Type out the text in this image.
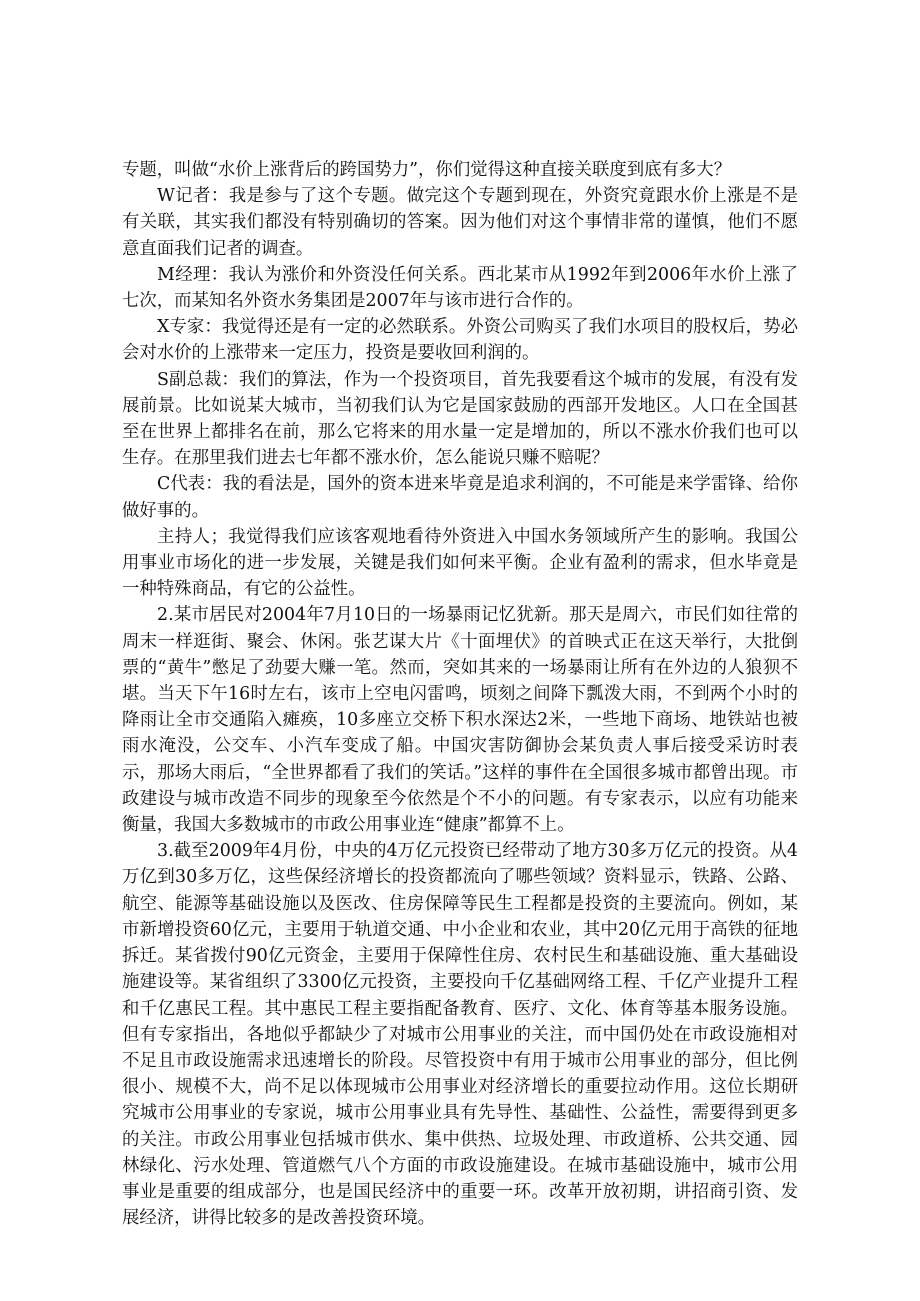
专题，叫做“水价上涨背后的跨国势力”，你们觉得这种直接关联度到底有多大？

W记者：我是参与了这个专题。做完这个专题到现在，外资究竟跟水价上涨是不是有关联，其实我们都没有特别确切的答案。因为他们对这个事情非常的谨慎，他们不愿意直面我们记者的调查。

M经理：我认为涨价和外资没任何关系。西北某市从1992年到2006年水价上涨了七次，而某知名外资水务集团是2007年与该市进行合作的。

X专家：我觉得还是有一定的必然联系。外资公司购买了我们水项目的股权后，势必会对水价的上涨带来一定压力，投资是要收回利润的。

S副总裁：我们的算法，作为一个投资项目，首先我要看这个城市的发展，有没有发展前景。比如说某大城市，当初我们认为它是国家鼓励的西部开发地区。人口在全国甚至在世界上都排名在前，那么它将来的用水量一定是增加的，所以不涨水价我们也可以生存。在那里我们进去七年都不涨水价，怎么能说只赚不赔呢？

C代表：我的看法是，国外的资本进来毕竟是追求利润的，不可能是来学雷锋、给你做好事的。

主持人；我觉得我们应该客观地看待外资进入中国水务领域所产生的影响。我国公用事业市场化的进一步发展，关键是我们如何来平衡。企业有盈利的需求，但水毕竟是一种特殊商品，有它的公益性。

2.某市居民对2004年7月10日的一场暴雨记忆犹新。那天是周六，市民们如往常的周末一样逛街、聚会、休闲。张艺谋大片《十面埋伏》的首映式正在这天举行，大批倒票的“黄牛”憋足了劲要大赚一笔。然而，突如其来的一场暴雨让所有在外边的人狼狈不堪。当天下午16时左右，该市上空电闪雷鸣，顷刻之间降下瓢泼大雨，不到两个小时的降雨让全市交通陷入瘫痪，10多座立交桥下积水深达2米，一些地下商场、地铁站也被雨水淹没，公交车、小汽车变成了船。中国灾害防御协会某负责人事后接受采访时表示，那场大雨后，“全世界都看了我们的笑话。”这样的事件在全国很多城市都曾出现。市政建设与城市改造不同步的现象至今依然是个不小的问题。有专家表示，以应有功能来衡量，我国大多数城市的市政公用事业连“健康”都算不上。

3.截至2009年4月份，中央的4万亿元投资已经带动了地方30多万亿元的投资。从4万亿到30多万亿，这些保经济增长的投资都流向了哪些领域？资料显示，铁路、公路、航空、能源等基础设施以及医改、住房保障等民生工程都是投资的主要流向。例如，某市新增投资60亿元，主要用于轨道交通、中小企业和农业，其中20亿元用于高铁的征地拆迁。某省拨付90亿元资金，主要用于保障性住房、农村民生和基础设施、重大基础设施建设等。某省组织了3300亿元投资，主要投向千亿基础网络工程、千亿产业提升工程和千亿惠民工程。其中惠民工程主要指配备教育、医疗、文化、体育等基本服务设施。但有专家指出，各地似乎都缺少了对城市公用事业的关注，而中国仍处在市政设施相对不足且市政设施需求迅速增长的阶段。尽管投资中有用于城市公用事业的部分，但比例很小、规模不大，尚不足以体现城市公用事业对经济增长的重要拉动作用。这位长期研究城市公用事业的专家说，城市公用事业具有先导性、基础性、公益性，需要得到更多的关注。市政公用事业包括城市供水、集中供热、垃圾处理、市政道桥、公共交通、园林绿化、污水处理、管道燃气八个方面的市政设施建设。在城市基础设施中，城市公用事业是重要的组成部分，也是国民经济中的重要一环。改革开放初期，讲招商引资、发展经济，讲得比较多的是改善投资环境。
